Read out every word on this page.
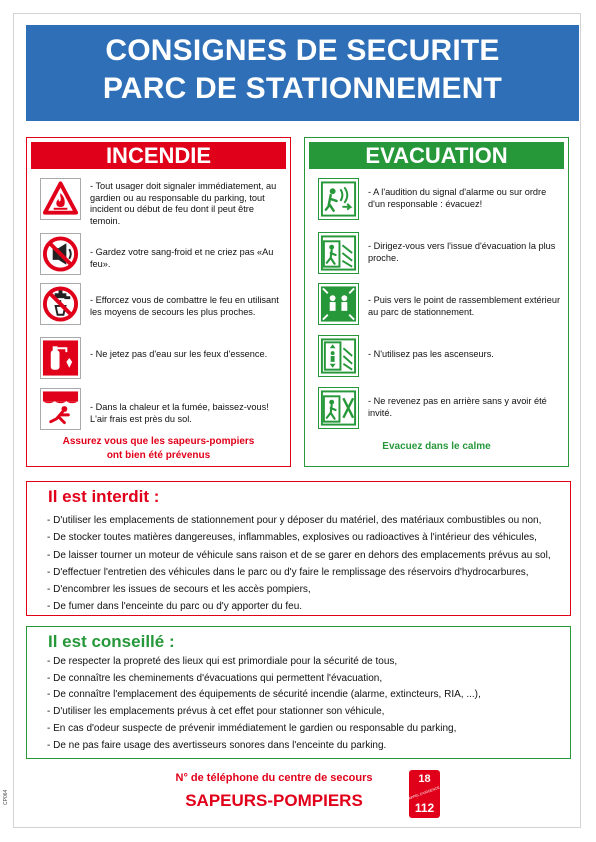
CONSIGNES DE SECURITE
PARC DE STATIONNEMENT
INCENDIE
- Tout usager doit signaler immédiatement, au gardien ou au responsable du parking, tout incident ou début de feu dont il peut être temoin.
- Gardez votre sang-froid et ne criez pas «Au feu».
- Efforcez vous de combattre le feu en utilisant les moyens de secours les plus proches.
- Ne jetez pas d'eau sur les feux d'essence.
- Dans la chaleur et la fumée, baissez-vous! L'air frais est près du sol.
Assurez vous que les sapeurs-pompiers
ont bien été prévenus
EVACUATION
- A l'audition du signal d'alarme ou sur ordre d'un responsable : évacuez!
- Dirigez-vous vers l'issue d'évacuation la plus proche.
- Puis vers le point de rassemblement extérieur au parc de stationnement.
- N'utilisez pas les ascenseurs.
- Ne revenez pas en arrière sans y avoir été invité.
Evacuez dans le calme
Il est interdit :
- D'utiliser les emplacements de stationnement pour y déposer du matériel, des matériaux combustibles ou non,
- De stocker toutes matières dangereuses, inflammables, explosives ou radioactives à l'intérieur des véhicules,
- De laisser tourner un moteur de véhicule sans raison et de se garer en dehors des emplacements prévus au sol,
- D'effectuer l'entretien des véhicules dans le parc ou d'y faire le remplissage des réservoirs d'hydrocarbures,
- D'encombrer les issues de secours et les accès pompiers,
- De fumer dans l'enceinte du parc ou d'y apporter du feu.
Il est conseillé :
- De respecter la propreté des lieux qui est primordiale pour la sécurité de tous,
- De connaître les cheminements d'évacuations qui permettent l'évacuation,
- De connaître l'emplacement des équipements de sécurité incendie (alarme, extincteurs, RIA, ...),
- D'utiliser les emplacements prévus à cet effet pour stationner son véhicule,
- En cas d'odeur suspecte de prévenir immédiatement le gardien ou responsable du parking,
- De ne pas faire usage des avertisseurs sonores dans l'enceinte du parking.
N° de téléphone du centre de secours
SAPEURS-POMPIERS
18
APPEL D'URGENCE
112
CP064
